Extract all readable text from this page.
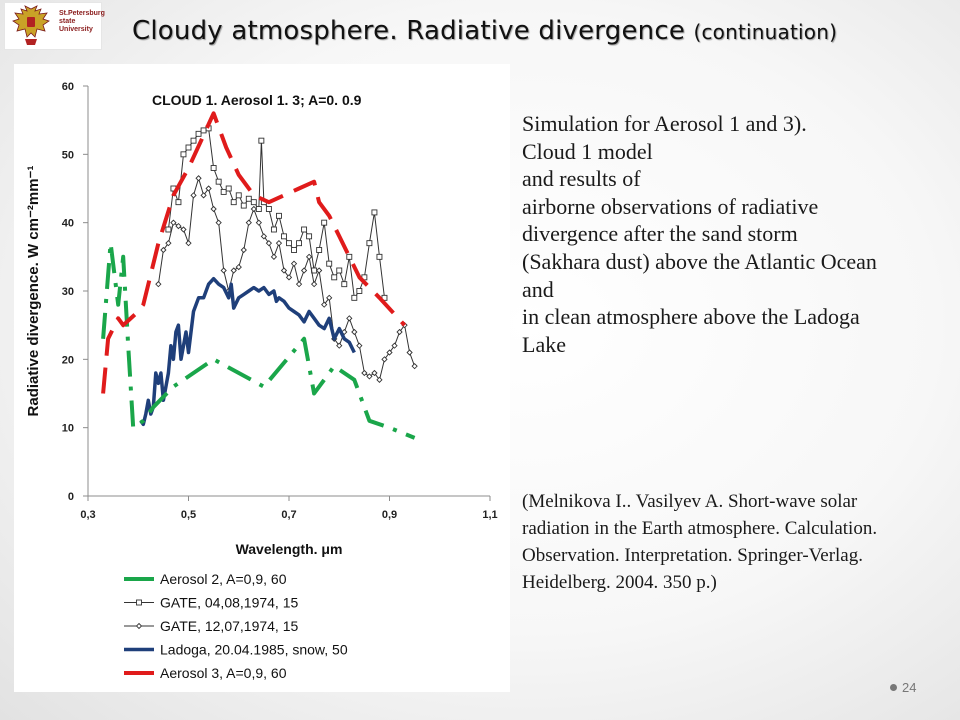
St.Petersburg
state
University	Cloudy atmosphere. Radiative divergence (continuation)
0
10
20
30
40
50
60
0,3	0,5	0,7	0,9	1,1
CLOUD 1. Aerosol 1. 3; A=0. 0.9
Wavelength. μm
Radiative divergence. W cm⁻²mm⁻¹
Aerosol 2, A=0,9, 60
GATE, 04,08,1974, 15
GATE, 12,07,1974, 15
Ladoga, 20.04.1985, snow, 50
Aerosol 3, A=0,9, 60
Simulation for Aerosol 1 and 3).
Cloud 1 model
and results of
airborne observations of radiative
divergence after the sand storm
(Sakhara dust) above the Atlantic Ocean
and
in clean atmosphere above the Ladoga
Lake
(Melnikova I.. Vasilyev A. Short-wave solar
radiation in the Earth atmosphere. Calculation.
Observation. Interpretation. Springer-Verlag.
Heidelberg. 2004. 350 p.)
24
